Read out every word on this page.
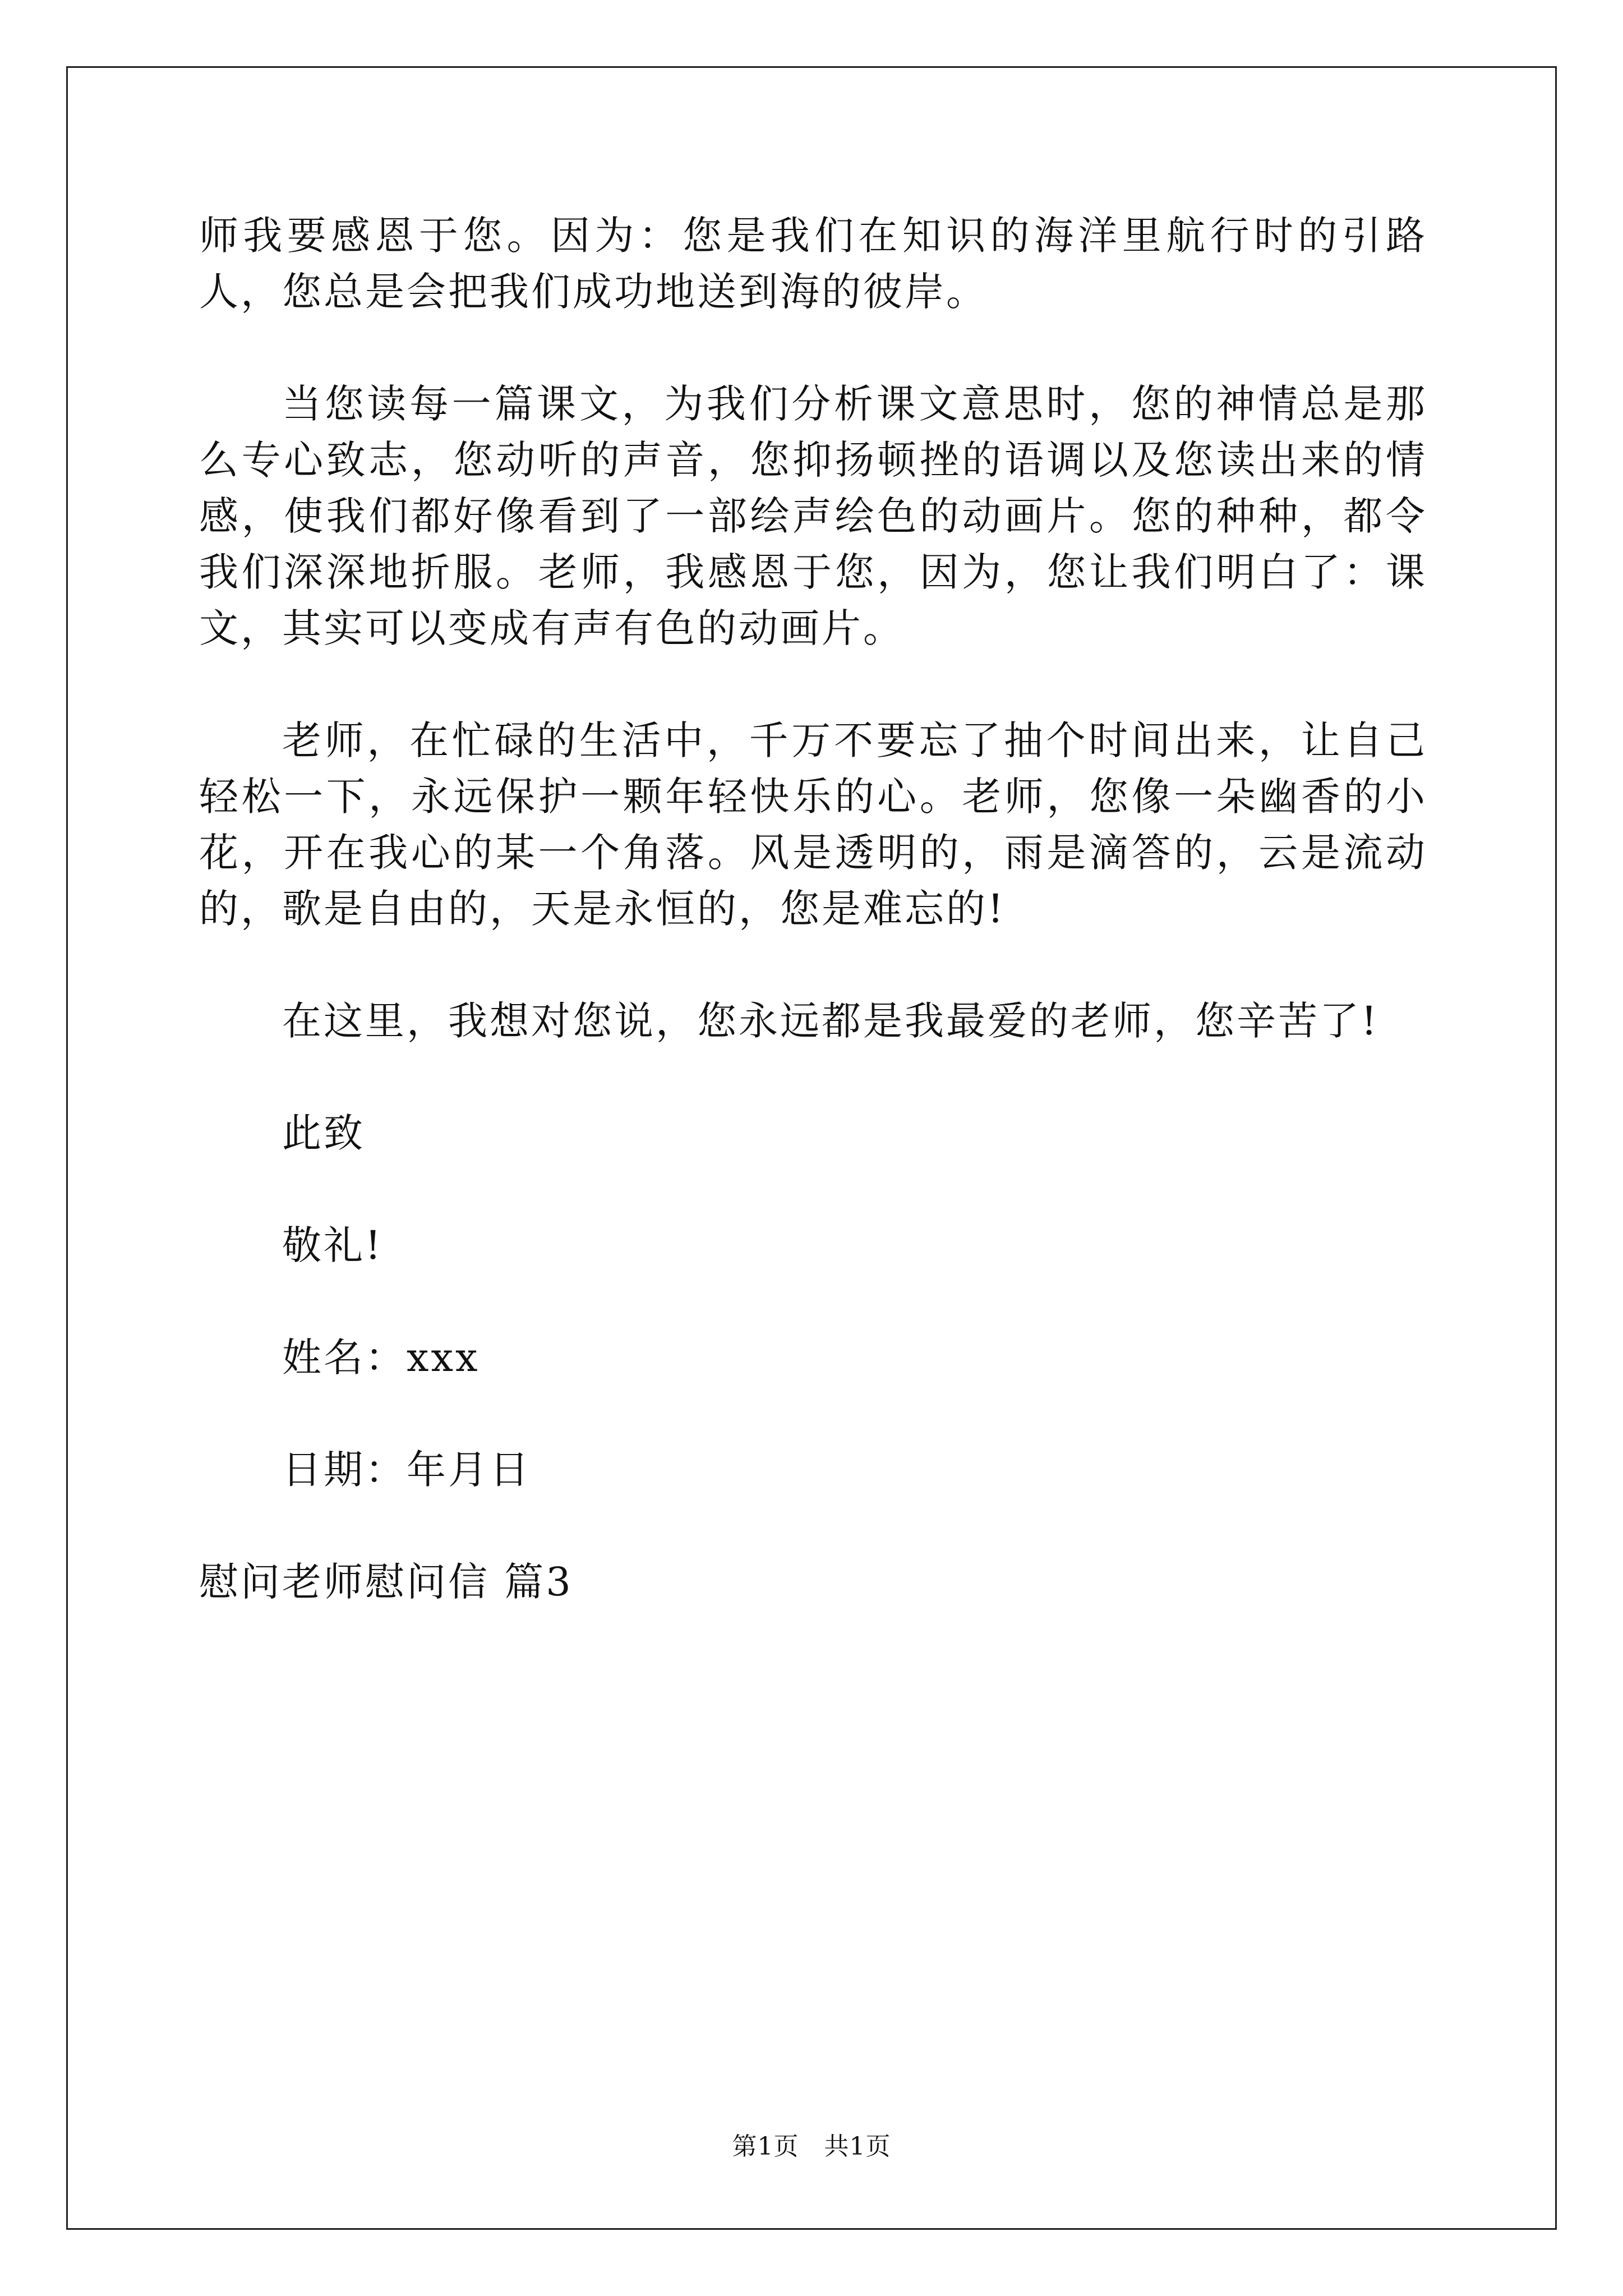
师我要感恩于您。因为：您是我们在知识的海洋里航行时的引路人，您总是会把我们成功地送到海的彼岸。

当您读每一篇课文，为我们分析课文意思时，您的神情总是那么专心致志，您动听的声音，您抑扬顿挫的语调以及您读出来的情感，使我们都好像看到了一部绘声绘色的动画片。您的种种，都令我们深深地折服。老师，我感恩于您，因为，您让我们明白了：课文，其实可以变成有声有色的动画片。

老师，在忙碌的生活中，千万不要忘了抽个时间出来，让自己轻松一下，永远保护一颗年轻快乐的心。老师，您像一朵幽香的小花，开在我心的某一个角落。风是透明的，雨是滴答的，云是流动的，歌是自由的，天是永恒的，您是难忘的!

在这里，我想对您说，您永远都是我最爱的老师，您辛苦了!

此致

敬礼!

姓名：xxx

日期：年月日

慰问老师慰问信 篇3

第1页　共1页
